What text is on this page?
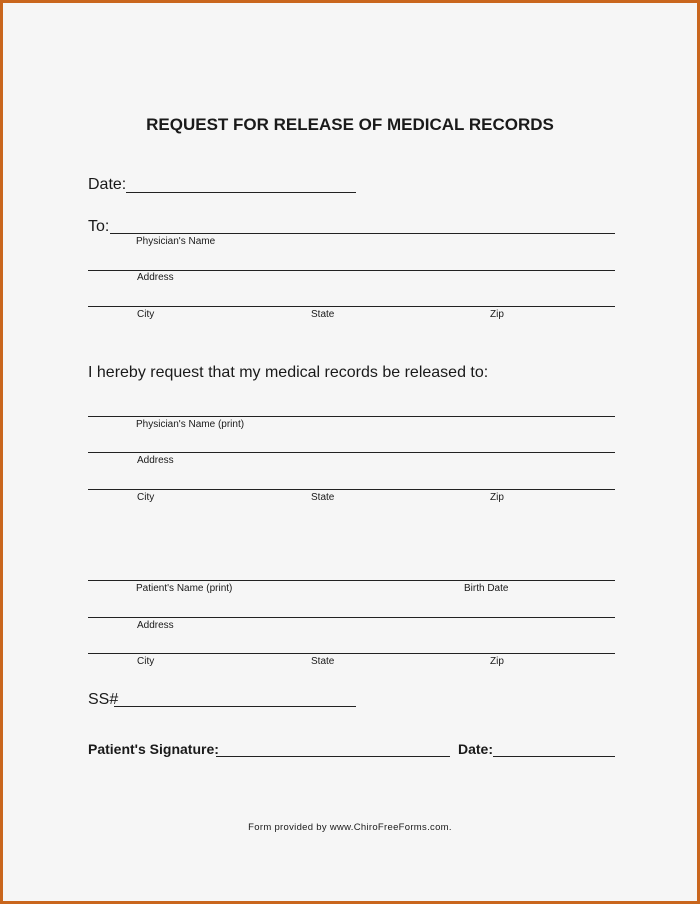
REQUEST FOR RELEASE OF MEDICAL RECORDS
Date:
To:
Physician's Name
Address
City	State	Zip
I hereby request that my medical records be released to:
Physician's Name (print)
Address
City	State	Zip
Patient's Name (print)	Birth Date
Address
City	State	Zip
SS#
Patient's Signature:	Date:
Form provided by www.ChiroFreeForms.com.
